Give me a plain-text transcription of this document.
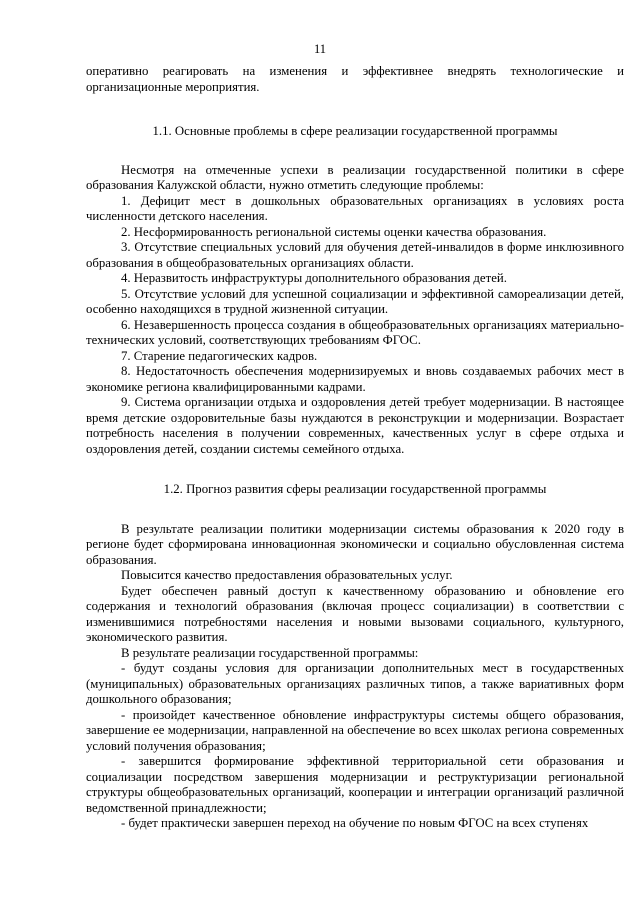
11

оперативно реагировать на изменения и эффективнее внедрять технологические и организационные мероприятия.

1.1. Основные проблемы в сфере реализации государственной программы

Несмотря на отмеченные успехи в реализации государственной политики в сфере образования Калужской области, нужно отметить следующие проблемы:

1. Дефицит мест в дошкольных образовательных организациях в условиях роста численности детского населения.

2. Несформированность региональной системы оценки качества образования.

3. Отсутствие специальных условий для обучения детей-инвалидов в форме инклюзивного образования в общеобразовательных организациях области.

4. Неразвитость инфраструктуры дополнительного образования детей.

5. Отсутствие условий для успешной социализации и эффективной самореализации детей, особенно находящихся в трудной жизненной ситуации.

6. Незавершенность процесса создания в общеобразовательных организациях материально-технических условий, соответствующих требованиям ФГОС.

7. Старение педагогических кадров.

8. Недостаточность обеспечения модернизируемых и вновь создаваемых рабочих мест в экономике региона квалифицированными кадрами.

9. Система организации отдыха и оздоровления детей требует модернизации. В настоящее время детские оздоровительные базы нуждаются в реконструкции и модернизации. Возрастает потребность населения в получении современных, качественных услуг в сфере отдыха и оздоровления детей, создании системы семейного отдыха.

1.2. Прогноз развития сферы реализации государственной программы

В результате реализации политики модернизации системы образования к 2020 году в регионе будет сформирована инновационная экономически и социально обусловленная система образования.

Повысится качество предоставления образовательных услуг.

Будет обеспечен равный доступ к качественному образованию и обновление его содержания и технологий образования (включая процесс социализации) в соответствии с изменившимися потребностями населения и новыми вызовами социального, культурного, экономического развития.

В результате реализации государственной программы:

- будут созданы условия для организации дополнительных мест в государственных (муниципальных) образовательных организациях различных типов, а также вариативных форм дошкольного образования;

- произойдет качественное обновление инфраструктуры системы общего образования, завершение ее модернизации, направленной на обеспечение во всех школах региона современных условий получения образования;

- завершится формирование эффективной территориальной сети образования и социализации посредством завершения модернизации и реструктуризации региональной структуры общеобразовательных организаций, кооперации и интеграции организаций различной ведомственной принадлежности;

- будет практически завершен переход на обучение по новым ФГОС на всех ступенях
